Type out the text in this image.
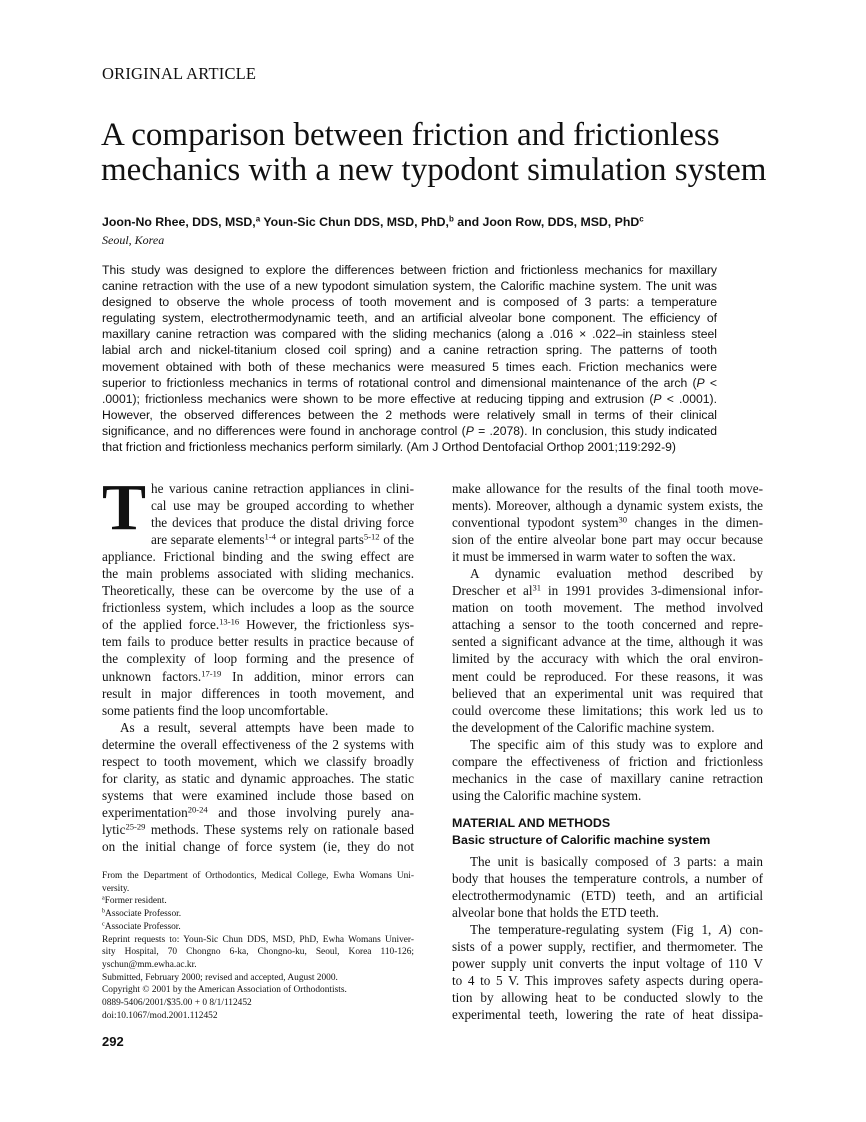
ORIGINAL ARTICLE
A comparison between friction and frictionless
mechanics with a new typodont simulation system
Joon-No Rhee, DDS, MSD,$^a$ Youn-Sic Chun DDS, MSD, PhD,$^b$ and Joon Row, DDS, MSD, PhD$^c$
Seoul, Korea
This study was designed to explore the differences between friction and frictionless mechanics for maxillary
canine retraction with the use of a new typodont simulation system, the Calorific machine system. The unit was
designed to observe the whole process of tooth movement and is composed of 3 parts: a temperature
regulating system, electrothermodynamic teeth, and an artificial alveolar bone component. The efficiency of
maxillary canine retraction was compared with the sliding mechanics (along a .016 × .022–in stainless steel
labial arch and nickel-titanium closed coil spring) and a canine retraction spring. The patterns of tooth
movement obtained with both of these mechanics were measured 5 times each. Friction mechanics were
superior to frictionless mechanics in terms of rotational control and dimensional maintenance of the arch (P <
.0001); frictionless mechanics were shown to be more effective at reducing tipping and extrusion (P < .0001).
However, the observed differences between the 2 methods were relatively small in terms of their clinical
significance, and no differences were found in anchorage control (P = .2078). In conclusion, this study indicated
that friction and frictionless mechanics perform similarly. (Am J Orthod Dentofacial Orthop 2001;119:292-9)
T he various canine retraction appliances in clini-
cal use may be grouped according to whether
the devices that produce the distal driving force
are separate elements$^{1-4}$ or integral parts$^{5-12}$ of the
appliance. Frictional binding and the swing effect are
the main problems associated with sliding mechanics.
Theoretically, these can be overcome by the use of a
frictionless system, which includes a loop as the source
of the applied force.$^{13-16}$ However, the frictionless sys-
tem fails to produce better results in practice because of
the complexity of loop forming and the presence of
unknown factors.$^{17-19}$ In addition, minor errors can
result in major differences in tooth movement, and
some patients find the loop uncomfortable.
As a result, several attempts have been made to
determine the overall effectiveness of the 2 systems with
respect to tooth movement, which we classify broadly
for clarity, as static and dynamic approaches. The static
systems that were examined include those based on
experimentation$^{20-24}$ and those involving purely ana-
lytic$^{25-29}$ methods. These systems rely on rationale based
on the initial change of force system (ie, they do not
make allowance for the results of the final tooth move-
ments). Moreover, although a dynamic system exists, the
conventional typodont system$^{30}$ changes in the dimen-
sion of the entire alveolar bone part may occur because
it must be immersed in warm water to soften the wax.
A dynamic evaluation method described by
Drescher et $al^{31}$ in 1991 provides 3-dimensional infor-
mation on tooth movement. The method involved
attaching a sensor to the tooth concerned and repre-
sented a significant advance at the time, although it was
limited by the accuracy with which the oral environ-
ment could be reproduced. For these reasons, it was
believed that an experimental unit was required that
could overcome these limitations; this work led us to
the development of the Calorific machine system.
The specific aim of this study was to explore and
compare the effectiveness of friction and frictionless
mechanics in the case of maxillary canine retraction
using the Calorific machine system.
MATERIAL AND METHODS
Basic structure of Calorific machine system
The unit is basically composed of 3 parts: a main
body that houses the temperature controls, a number of
electrothermodynamic (ETD) teeth, and an artificial
alveolar bone that holds the ETD teeth.
The temperature-regulating system (Fig 1, A) con-
sists of a power supply, rectifier, and thermometer. The
power supply unit converts the input voltage of 110 V
to 4 to 5 V. This improves safety aspects during opera-
tion by allowing heat to be conducted slowly to the
experimental teeth, lowering the rate of heat dissipa-
From the Department of Orthodontics, Medical College, Ewha Womans Uni-
versity.
$^a$Former resident.
$^b$Associate Professor.
$^c$Associate Professor.
Reprint requests to: Youn-Sic Chun DDS, MSD, PhD, Ewha Womans Univer-
sity Hospital, 70 Chongno 6-ka, Chongno-ku, Seoul, Korea 110-126;
yschun@mm.ewha.ac.kr.
Submitted, February 2000; revised and accepted, August 2000.
Copyright © 2001 by the American Association of Orthodontists.
0889-5406/2001/$35.00 + 0 8/1/112452
doi:10.1067/mod.2001.112452
292
